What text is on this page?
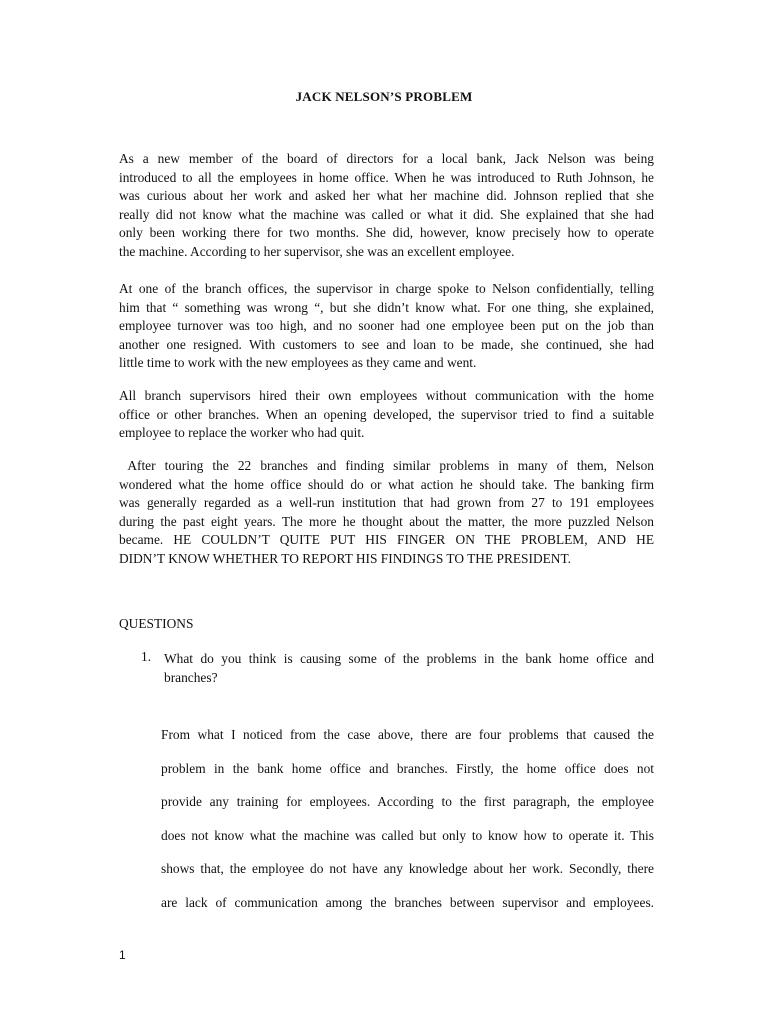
JACK NELSON’S PROBLEM

As a new member of the board of directors for a local bank, Jack Nelson was being
introduced to all the employees in home office. When he was introduced to Ruth Johnson, he
was curious about her work and asked her what her machine did. Johnson replied that she
really did not know what the machine was called or what it did. She explained that she had
only been working there for two months. She did, however, know precisely how to operate
the machine. According to her supervisor, she was an excellent employee.

At one of the branch offices, the supervisor in charge spoke to Nelson confidentially, telling
him that “ something was wrong “, but she didn’t know what. For one thing, she explained,
employee turnover was too high, and no sooner had one employee been put on the job than
another one resigned. With customers to see and loan to be made, she continued, she had
little time to work with the new employees as they came and went.

All branch supervisors hired their own employees without communication with the home
office or other branches. When an opening developed, the supervisor tried to find a suitable
employee to replace the worker who had quit.

After touring the 22 branches and finding similar problems in many of them, Nelson
wondered what the home office should do or what action he should take. The banking firm
was generally regarded as a well-run institution that had grown from 27 to 191 employees
during the past eight years. The more he thought about the matter, the more puzzled Nelson
became. HE COULDN’T QUITE PUT HIS FINGER ON THE PROBLEM, AND HE
DIDN’T KNOW WHETHER TO REPORT HIS FINDINGS TO THE PRESIDENT.

QUESTIONS

1. What do you think is causing some of the problems in the bank home office and
branches?

From what I noticed from the case above, there are four problems that caused the
problem in the bank home office and branches. Firstly, the home office does not
provide any training for employees. According to the first paragraph, the employee
does not know what the machine was called but only to know how to operate it. This
shows that, the employee do not have any knowledge about her work. Secondly, there
are lack of communication among the branches between supervisor and employees.

1
